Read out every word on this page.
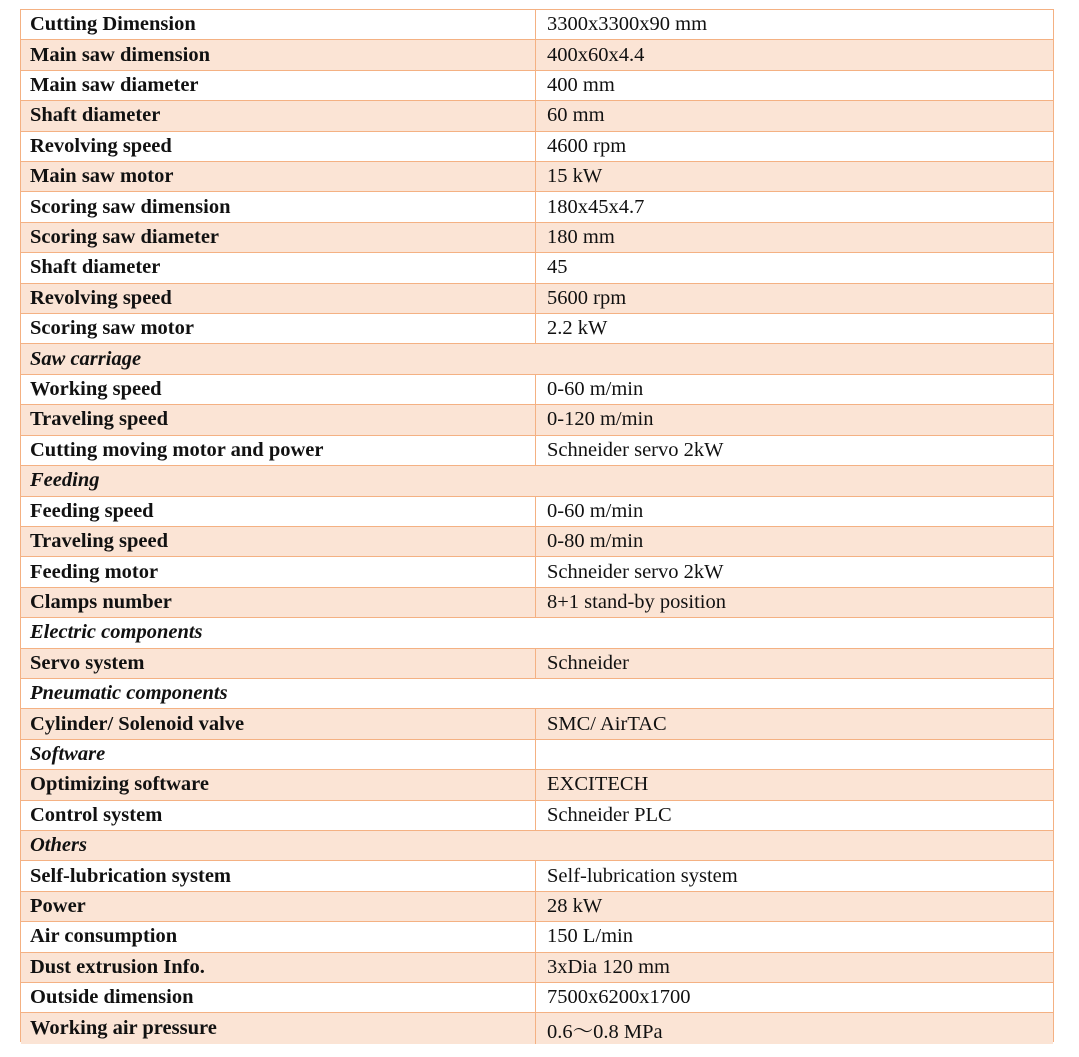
Cutting Dimension	3300x3300x90 mm
Main saw dimension	400x60x4.4
Main saw diameter	400 mm
Shaft diameter	60 mm
Revolving speed	4600 rpm
Main saw motor	15 kW
Scoring saw dimension	180x45x4.7
Scoring saw diameter	180 mm
Shaft diameter	45
Revolving speed	5600 rpm
Scoring saw motor	2.2 kW
Saw carriage
Working speed	0-60 m/min
Traveling speed	0-120 m/min
Cutting moving motor and power	Schneider servo 2kW
Feeding
Feeding speed	0-60 m/min
Traveling speed	0-80 m/min
Feeding motor	Schneider servo 2kW
Clamps number	8+1 stand-by position
Electric components
Servo system	Schneider
Pneumatic components
Cylinder/ Solenoid valve	SMC/ AirTAC
Software
Optimizing software	EXCITECH
Control system	Schneider PLC
Others
Self-lubrication system	Self-lubrication system
Power	28 kW
Air consumption	150 L/min
Dust extrusion Info.	3xDia 120 mm
Outside dimension	7500x6200x1700
Working air pressure	0.6～0.8 MPa
